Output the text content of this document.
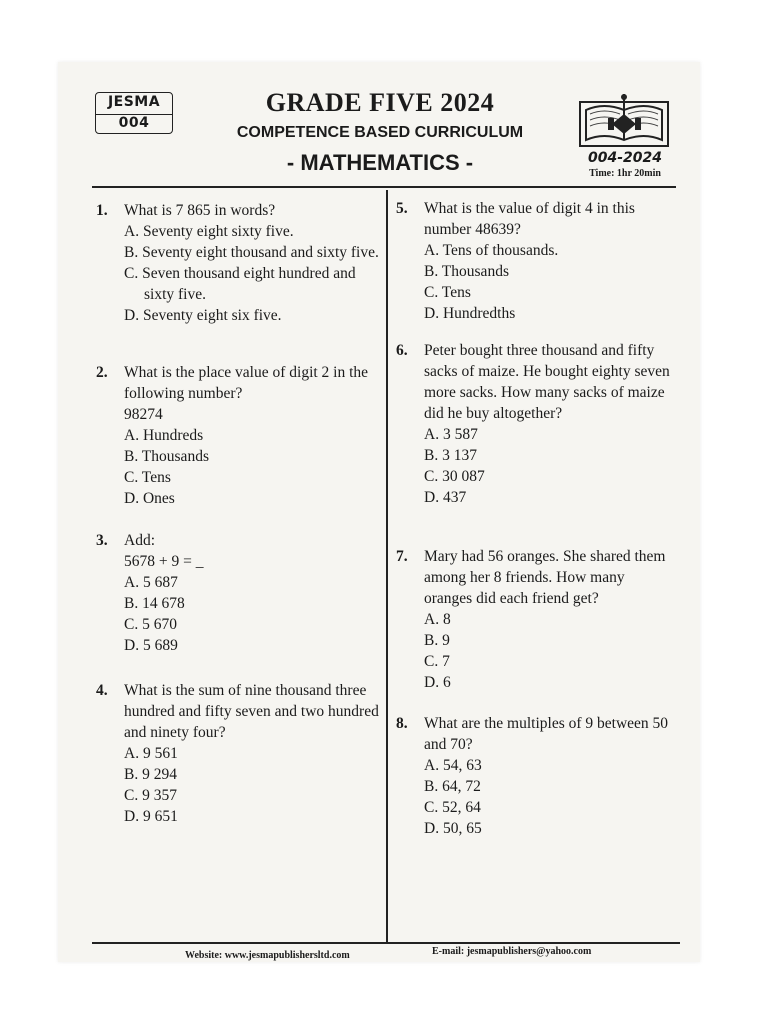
JESMA
004
GRADE FIVE 2024
COMPETENCE BASED CURRICULUM
- MATHEMATICS -	004-2024
Time: 1hr 20min
1. What is 7 865 in words?
A. Seventy eight sixty five.
B. Seventy eight thousand and sixty five.
C. Seven thousand eight hundred and sixty five.
D. Seventy eight six five.
2. What is the place value of digit 2 in the following number?
98274
A. Hundreds
B. Thousands
C. Tens
D. Ones
3. Add:
5678 + 9 = _
A. 5 687
B. 14 678
C. 5 670
D. 5 689
4. What is the sum of nine thousand three hundred and fifty seven and two hundred and ninety four?
A. 9 561
B. 9 294
C. 9 357
D. 9 651
5. What is the value of digit 4 in this number 48639?
A. Tens of thousands.
B. Thousands
C. Tens
D. Hundredths
6. Peter bought three thousand and fifty sacks of maize. He bought eighty seven more sacks. How many sacks of maize did he buy altogether?
A. 3 587
B. 3 137
C. 30 087
D. 437
7. Mary had 56 oranges. She shared them among her 8 friends. How many oranges did each friend get?
A. 8
B. 9
C. 7
D. 6
8. What are the multiples of 9 between 50 and 70?
A. 54, 63
B. 64, 72
C. 52, 64
D. 50, 65
Website: www.jesmapublishersltd.com	E-mail: jesmapublishers@yahoo.com
